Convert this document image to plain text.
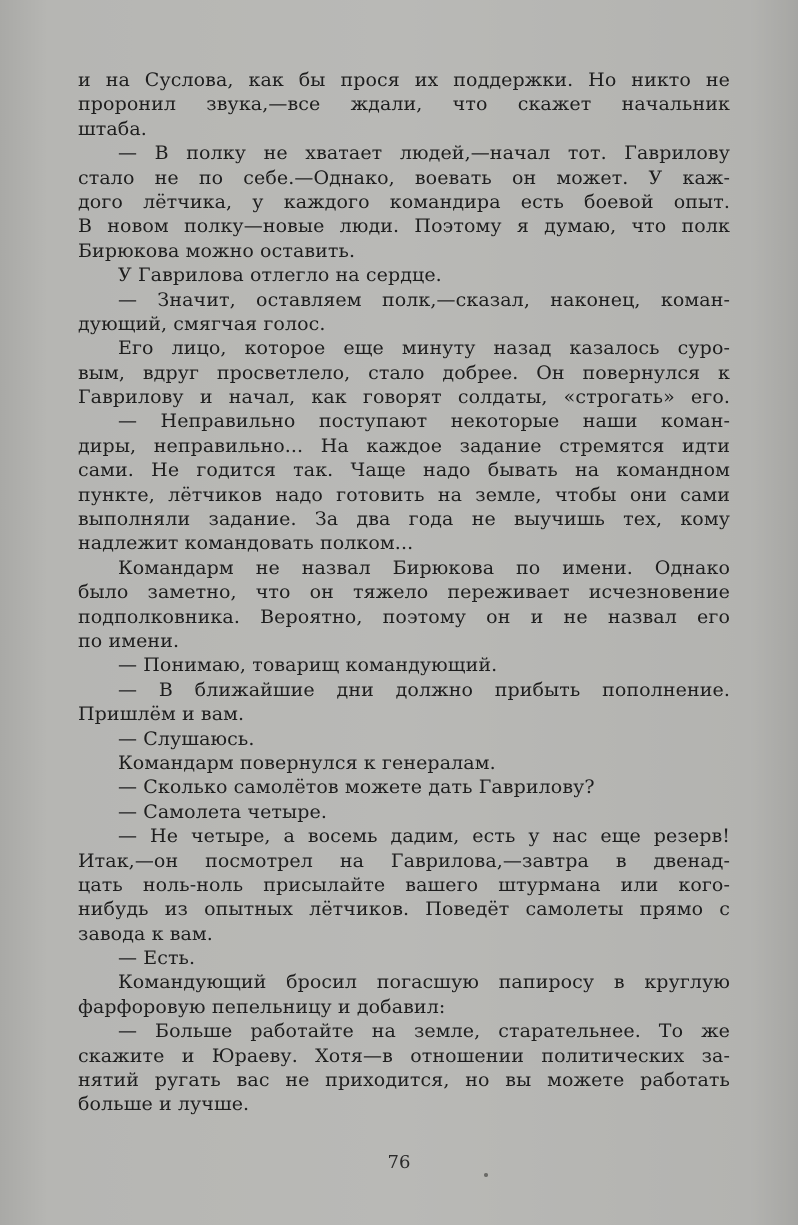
и на Суслова, как бы прося их поддержки. Но никто не
проронил звука,—все ждали, что скажет начальник
штаба.
— В полку не хватает людей,—начал тот. Гаврилову
стало не по себе.—Однако, воевать он может. У каж-
дого лётчика, у каждого командира есть боевой опыт.
В новом полку—новые люди. Поэтому я думаю, что полк
Бирюкова можно оставить.
У Гаврилова отлегло на сердце.
— Значит, оставляем полк,—сказал, наконец, коман-
дующий, смягчая голос.
Его лицо, которое еще минуту назад казалось суро-
вым, вдруг просветлело, стало добрее. Он повернулся к
Гаврилову и начал, как говорят солдаты, «строгать» его.
— Неправильно поступают некоторые наши коман-
диры, неправильно... На каждое задание стремятся идти
сами. Не годится так. Чаще надо бывать на командном
пункте, лётчиков надо готовить на земле, чтобы они сами
выполняли задание. За два года не выучишь тех, кому
надлежит командовать полком...
Командарм не назвал Бирюкова по имени. Однако
было заметно, что он тяжело переживает исчезновение
подполковника. Вероятно, поэтому он и не назвал его
по имени.
— Понимаю, товарищ командующий.
— В ближайшие дни должно прибыть пополнение.
Пришлём и вам.
— Слушаюсь.
Командарм повернулся к генералам.
— Сколько самолётов можете дать Гаврилову?
— Самолета четыре.
— Не четыре, а восемь дадим, есть у нас еще резерв!
Итак,—он посмотрел на Гаврилова,—завтра в двенад-
цать ноль-ноль присылайте вашего штурмана или кого-
нибудь из опытных лётчиков. Поведёт самолеты прямо с
завода к вам.
— Есть.
Командующий бросил погасшую папиросу в круглую
фарфоровую пепельницу и добавил:
— Больше работайте на земле, старательнее. То же
скажите и Юраеву. Хотя—в отношении политических за-
нятий ругать вас не приходится, но вы можете работать
больше и лучше.
76
